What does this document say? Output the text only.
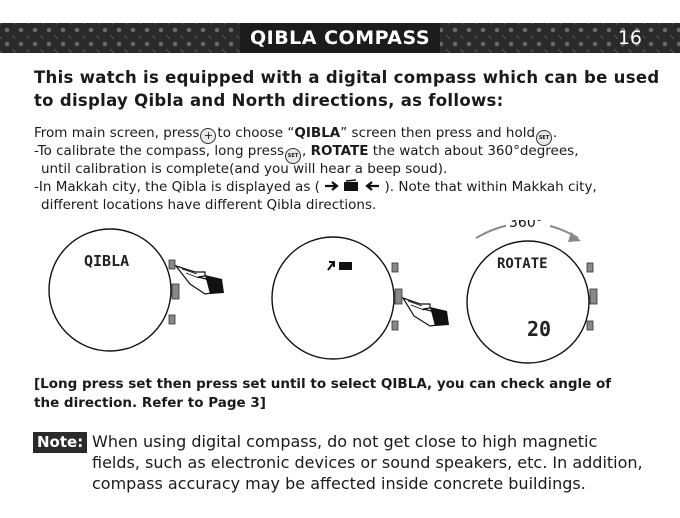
QIBLA COMPASS	16
This watch is equipped with a digital compass which can be used to display Qibla and North directions, as follows:
From main screen, press + to choose “QIBLA” screen then press and hold SET .
-To calibrate the compass, long press SET , ROTATE the watch about 360°degrees,
until calibration is complete(and you will hear a beep soud).
-In Makkah city, the Qibla is displayed as (	). Note that within Makkah city,
different locations have different Qibla directions.
QIBLA	ROTATE
20
360°
[Long press set then press set until to select QIBLA, you can check angle of the direction. Refer to Page 3]
Note: When using digital compass, do not get close to high magnetic
fields, such as electronic devices or sound speakers, etc. In addition,
compass accuracy may be affected inside concrete buildings.
